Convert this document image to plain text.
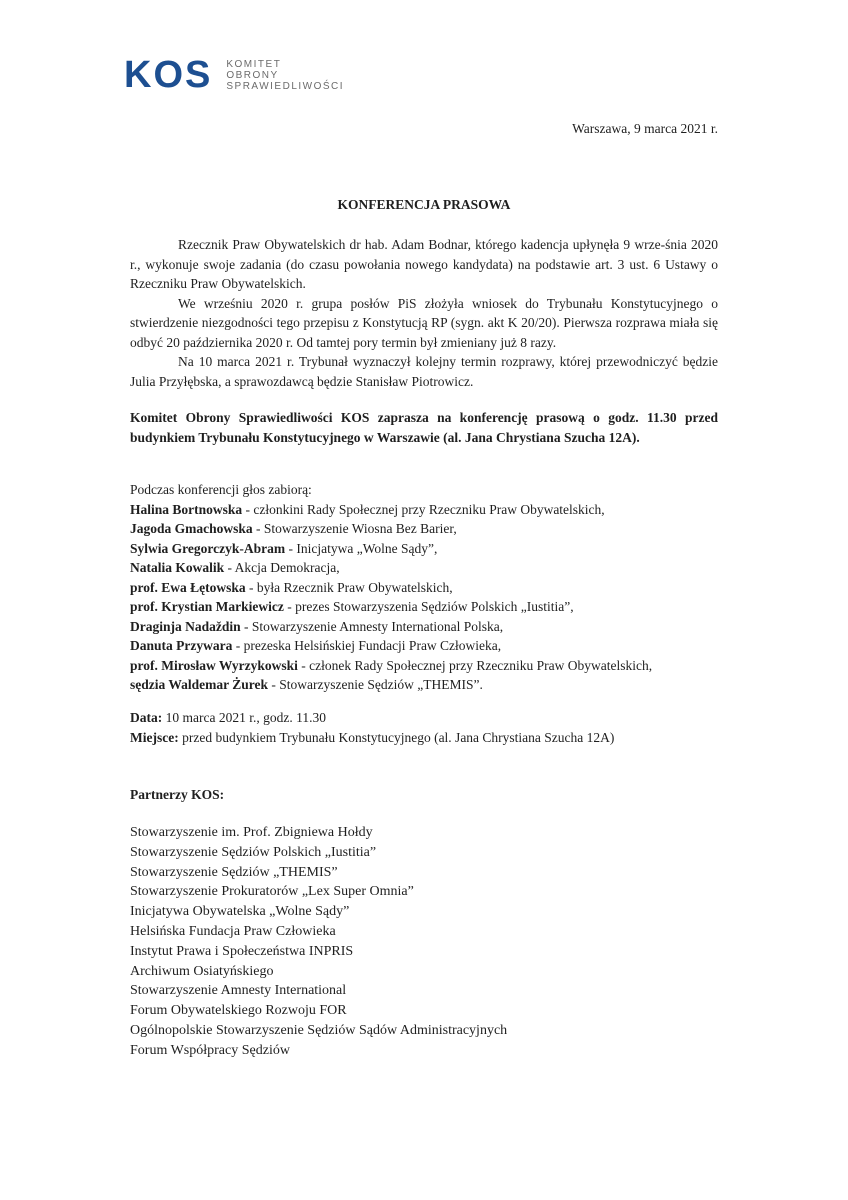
KOS KOMITET
OBRONY
SPRAWIEDLIWOŚCI
Warszawa, 9 marca 2021 r.
KONFERENCJA PRASOWA

Rzecznik Praw Obywatelskich dr hab. Adam Bodnar, którego kadencja upłynęła 9 wrze-śnia 2020 r., wykonuje swoje zadania (do czasu powołania nowego kandydata) na podstawie art. 3 ust. 6 Ustawy o Rzeczniku Praw Obywatelskich.

We wrześniu 2020 r. grupa posłów PiS złożyła wniosek do Trybunału Konstytucyjnego o stwierdzenie niezgodności tego przepisu z Konstytucją RP (sygn. akt K 20/20). Pierwsza rozprawa miała się odbyć 20 października 2020 r. Od tamtej pory termin był zmieniany już 8 razy.

Na 10 marca 2021 r. Trybunał wyznaczył kolejny termin rozprawy, której przewodniczyć będzie Julia Przyłębska, a sprawozdawcą będzie Stanisław Piotrowicz.

Komitet Obrony Sprawiedliwości KOS zaprasza na konferencję prasową o godz. 11.30 przed budynkiem Trybunału Konstytucyjnego w Warszawie (al. Jana Chrystiana Szucha 12A).
Podczas konferencji głos zabiorą:
Halina Bortnowska - członkini Rady Społecznej przy Rzeczniku Praw Obywatelskich,
Jagoda Gmachowska - Stowarzyszenie Wiosna Bez Barier,
Sylwia Gregorczyk-Abram - Inicjatywa „Wolne Sądy”,
Natalia Kowalik - Akcja Demokracja,
prof. Ewa Łętowska - była Rzecznik Praw Obywatelskich,
prof. Krystian Markiewicz - prezes Stowarzyszenia Sędziów Polskich „Iustitia”,
Draginja Nadaždin - Stowarzyszenie Amnesty International Polska,
Danuta Przywara - prezeska Helsińskiej Fundacji Praw Człowieka,
prof. Mirosław Wyrzykowski - członek Rady Społecznej przy Rzeczniku Praw Obywatelskich,
sędzia Waldemar Żurek - Stowarzyszenie Sędziów „THEMIS”.
Data: 10 marca 2021 r., godz. 11.30
Miejsce: przed budynkiem Trybunału Konstytucyjnego (al. Jana Chrystiana Szucha 12A)
Partnerzy KOS:
Stowarzyszenie im. Prof. Zbigniewa Hołdy
Stowarzyszenie Sędziów Polskich „Iustitia”
Stowarzyszenie Sędziów „THEMIS”
Stowarzyszenie Prokuratorów „Lex Super Omnia”
Inicjatywa Obywatelska „Wolne Sądy”
Helsińska Fundacja Praw Człowieka
Instytut Prawa i Społeczeństwa INPRIS
Archiwum Osiatyńskiego
Stowarzyszenie Amnesty International
Forum Obywatelskiego Rozwoju FOR
Ogólnopolskie Stowarzyszenie Sędziów Sądów Administracyjnych
Forum Współpracy Sędziów
